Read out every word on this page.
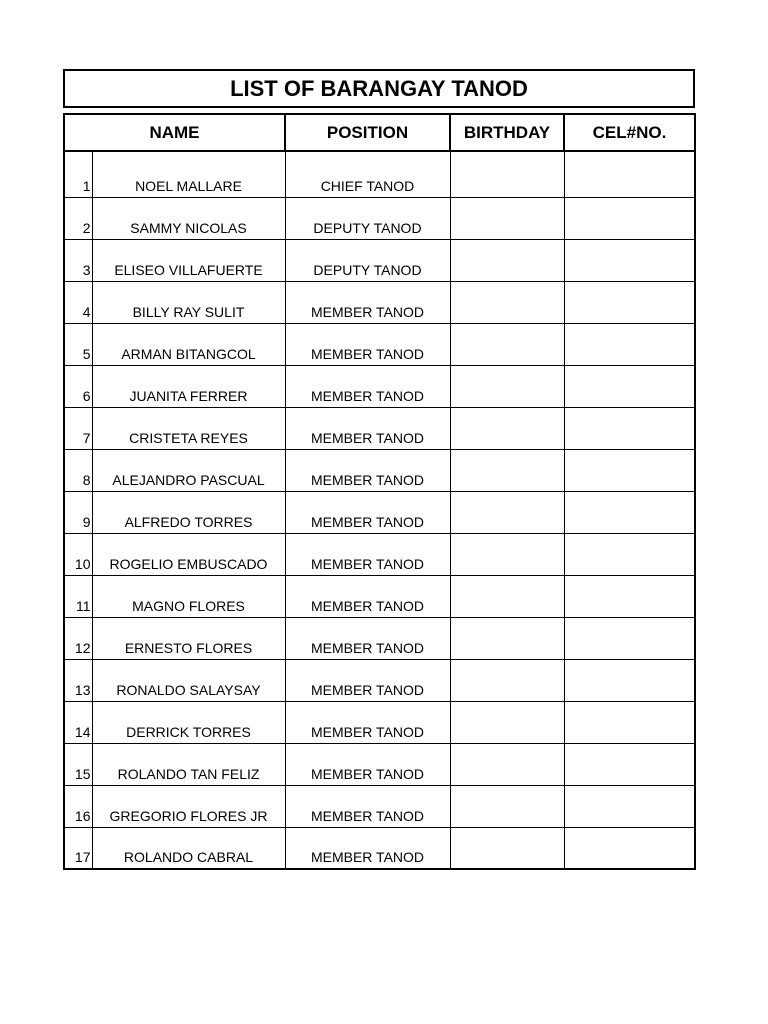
LIST OF BARANGAY TANOD
NAME		POSITION	BIRTHDAY	CEL#NO.
1	NOEL MALLARE	CHIEF TANOD		
2	SAMMY NICOLAS	DEPUTY TANOD		
3	ELISEO VILLAFUERTE	DEPUTY TANOD		
4	BILLY RAY SULIT	MEMBER TANOD		
5	ARMAN BITANGCOL	MEMBER TANOD		
6	JUANITA FERRER	MEMBER TANOD		
7	CRISTETA REYES	MEMBER TANOD		
8	ALEJANDRO PASCUAL	MEMBER TANOD		
9	ALFREDO TORRES	MEMBER TANOD		
10	ROGELIO EMBUSCADO	MEMBER TANOD		
11	MAGNO FLORES	MEMBER TANOD		
12	ERNESTO FLORES	MEMBER TANOD		
13	RONALDO SALAYSAY	MEMBER TANOD		
14	DERRICK TORRES	MEMBER TANOD		
15	ROLANDO TAN FELIZ	MEMBER TANOD		
16	GREGORIO FLORES JR	MEMBER TANOD		
17	ROLANDO CABRAL	MEMBER TANOD		
